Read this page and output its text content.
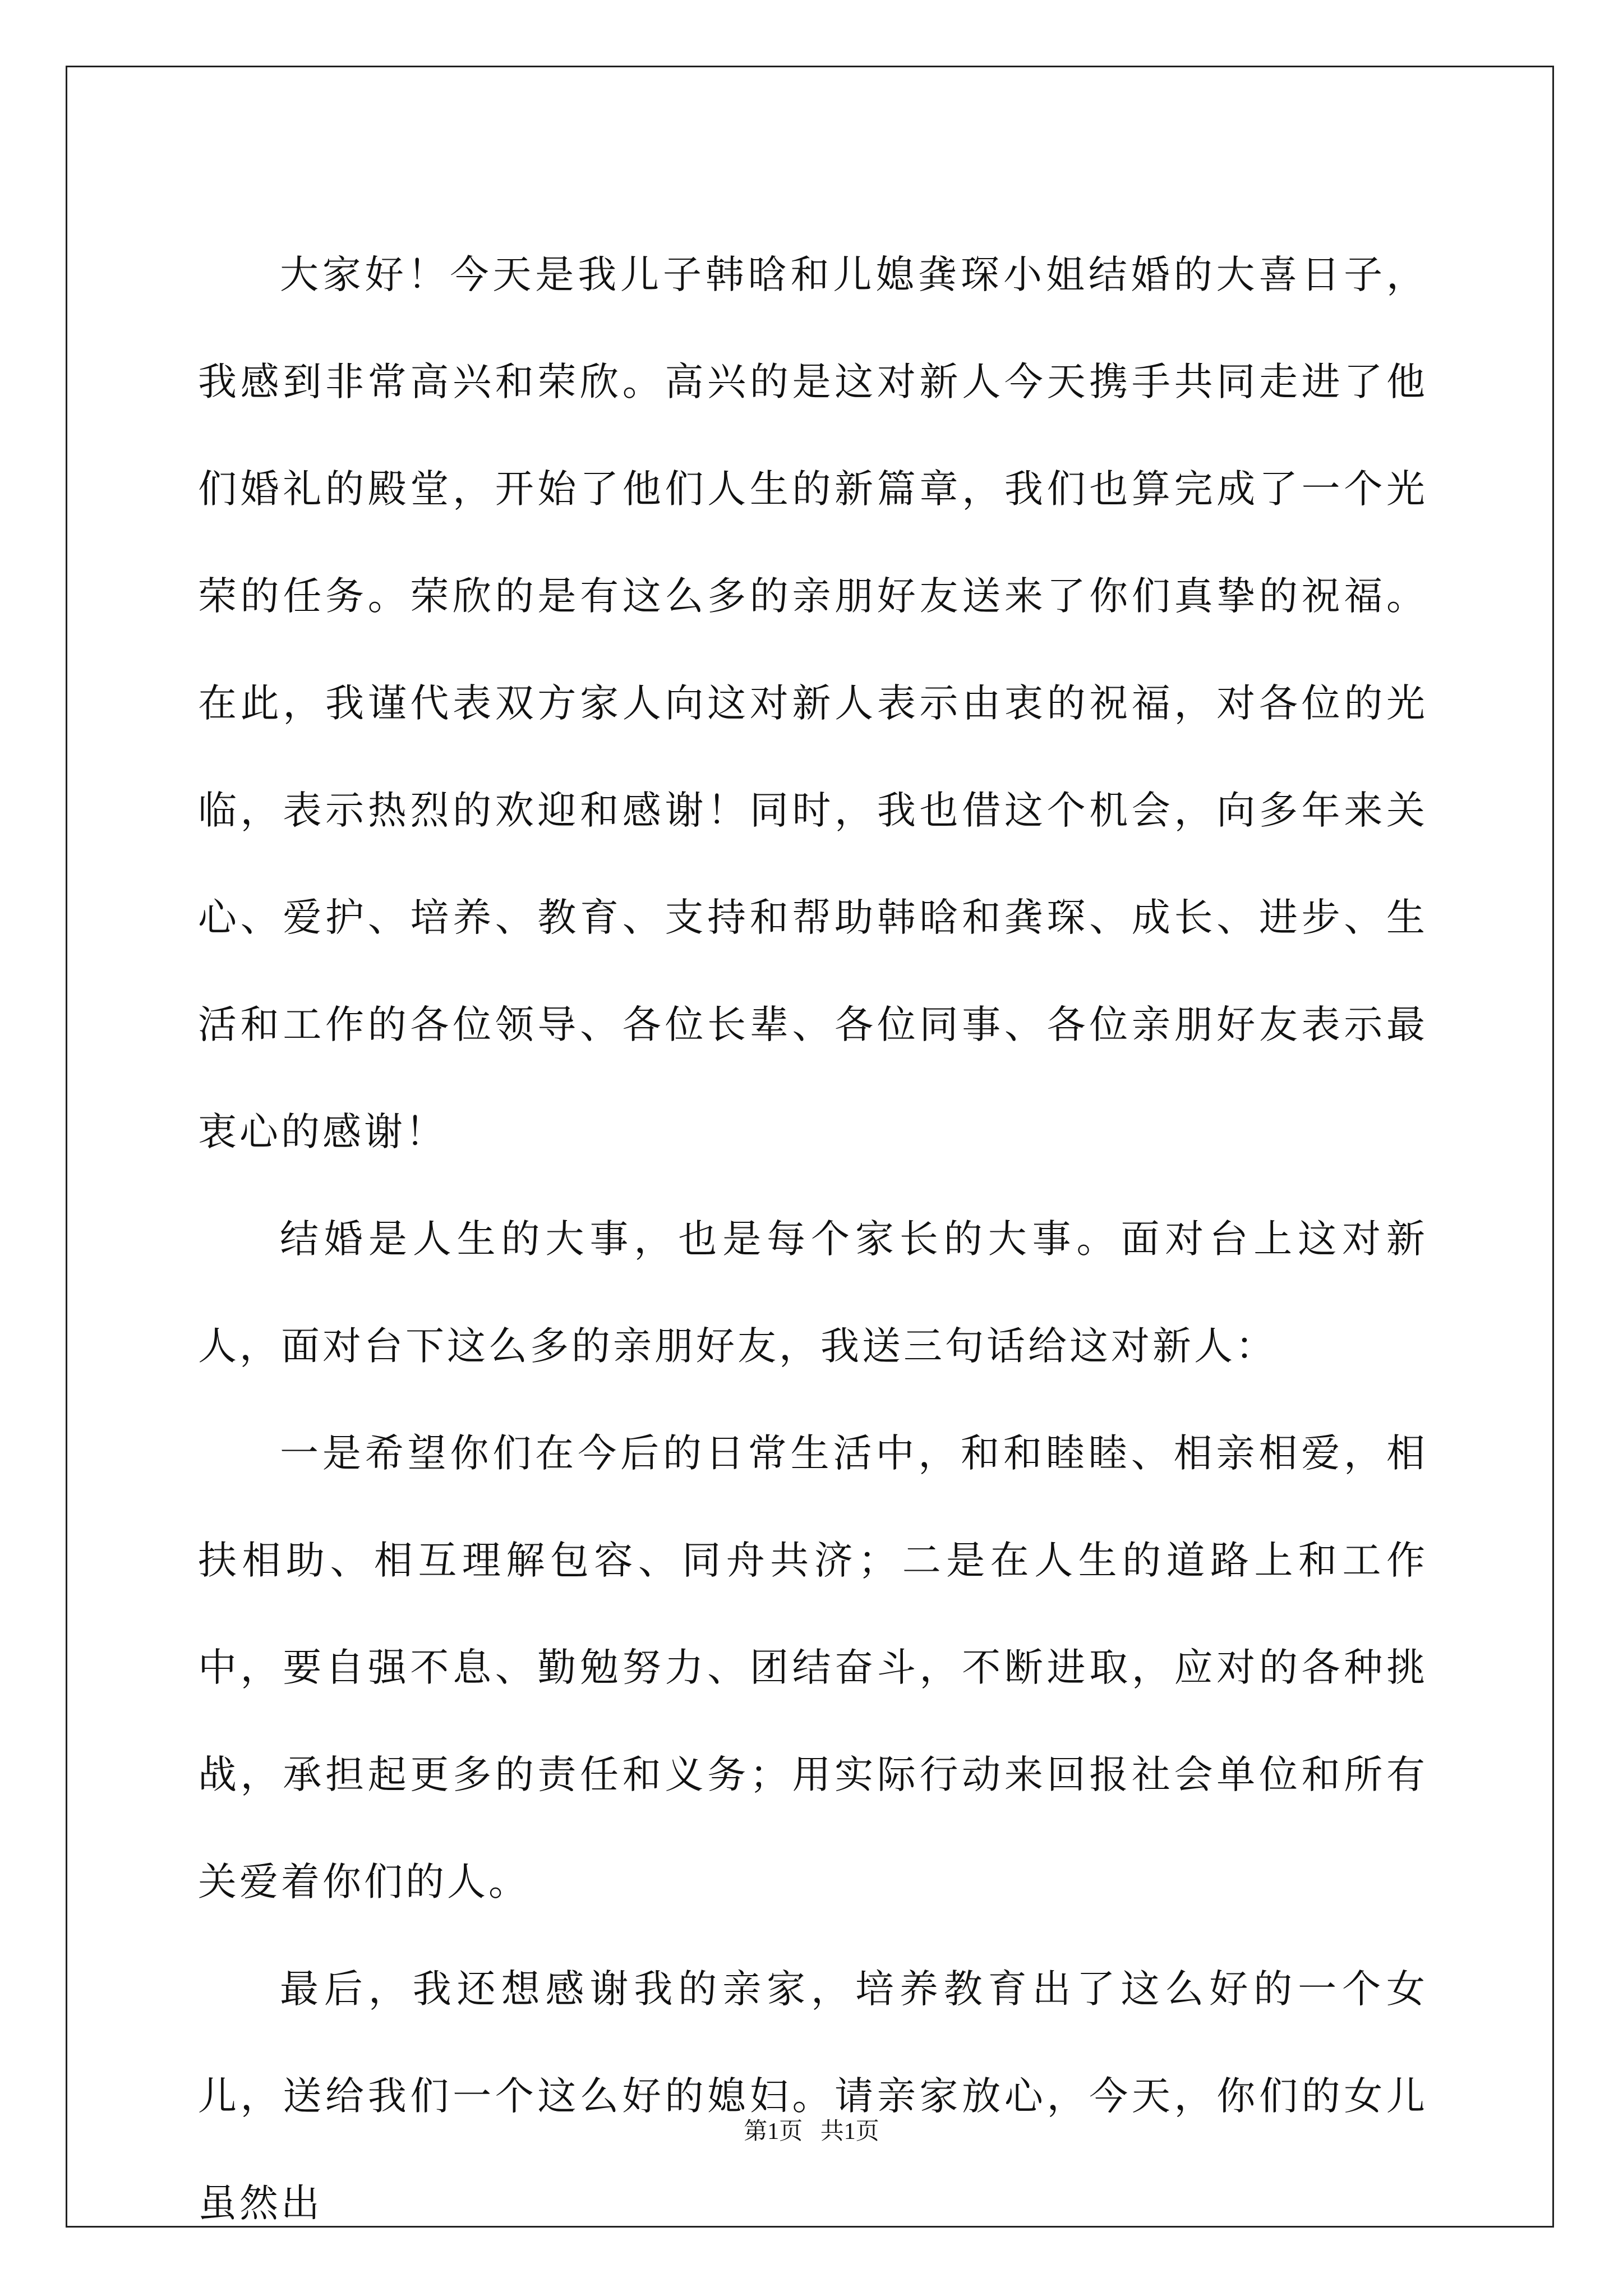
大家好！今天是我儿子韩晗和儿媳龚琛小姐结婚的大喜日子，我感到非常高兴和荣欣。高兴的是这对新人今天携手共同走进了他们婚礼的殿堂，开始了他们人生的新篇章，我们也算完成了一个光荣的任务。荣欣的是有这么多的亲朋好友送来了你们真挚的祝福。在此，我谨代表双方家人向这对新人表示由衷的祝福，对各位的光临，表示热烈的欢迎和感谢！同时，我也借这个机会，向多年来关心、爱护、培养、教育、支持和帮助韩晗和龚琛、成长、进步、生活和工作的各位领导、各位长辈、各位同事、各位亲朋好友表示最衷心的感谢！

结婚是人生的大事，也是每个家长的大事。面对台上这对新人，面对台下这么多的亲朋好友，我送三句话给这对新人：

一是希望你们在今后的日常生活中，和和睦睦、相亲相爱，相扶相助、相互理解包容、同舟共济；二是在人生的道路上和工作中，要自强不息、勤勉努力、团结奋斗，不断进取，应对的各种挑战，承担起更多的责任和义务；用实际行动来回报社会单位和所有关爱着你们的人。

最后，我还想感谢我的亲家，培养教育出了这么好的一个女儿，送给我们一个这么好的媳妇。请亲家放心，今天，你们的女儿虽然出

第1页 共1页
